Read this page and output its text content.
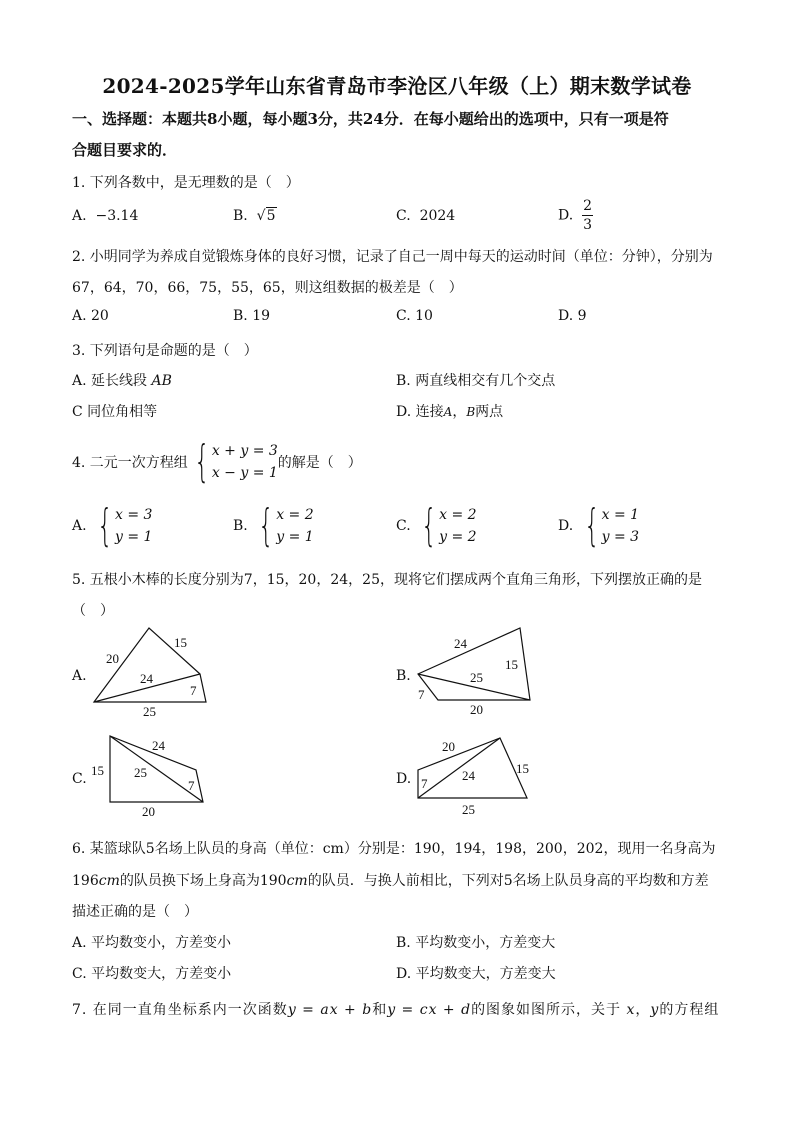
2024-2025学年山东省青岛市李沧区八年级（上）期末数学试卷
一、选择题：本题共8小题，每小题3分，共24分．在每小题给出的选项中，只有一项是符
合题目要求的．
1. 下列各数中，是无理数的是（　）
A. −3.14	B. √5	C. 2024	D. $\frac{2}{3}$
2. 小明同学为养成自觉锻炼身体的良好习惯，记录了自己一周中每天的运动时间（单位：分钟），分别为
67，64，70，66，75，55，65，则这组数据的极差是（　）
A. 20	B. 19	C. 10	D. 9
3. 下列语句是命题的是（　）
A. 延长线段 AB	B. 两直线相交有几个交点
C 同位角相等	D. 连接A，B两点
4. 二元一次方程组 { x + y = 3
x − y = 1
的解是（　）
A. { x = 3
y = 1
B. { x = 2
y = 1
C. { x = 2
y = 2
D. { x = 1
y = 3
5. 五根小木棒的长度分别为7，15，20，24，25，现将它们摆成两个直角三角形，下列摆放正确的是
（　）
A.
20
15
24
7
25
B.
24
15
25
7
20
C.
24
15 25
7
20
D.
20
7
24	15
25
6. 某篮球队5名场上队员的身高（单位：cm）分别是：190，194，198，200，202，现用一名身高为
196cm的队员换下场上身高为190cm的队员．与换人前相比，下列对5名场上队员身高的平均数和方差
描述正确的是（　）
A. 平均数变小，方差变小	B. 平均数变小，方差变大
C. 平均数变大，方差变小	D. 平均数变大，方差变大
7. 在同一直角坐标系内一次函数y = ax + b和y = cx + d的图象如图所示，关于 x，y的方程组
